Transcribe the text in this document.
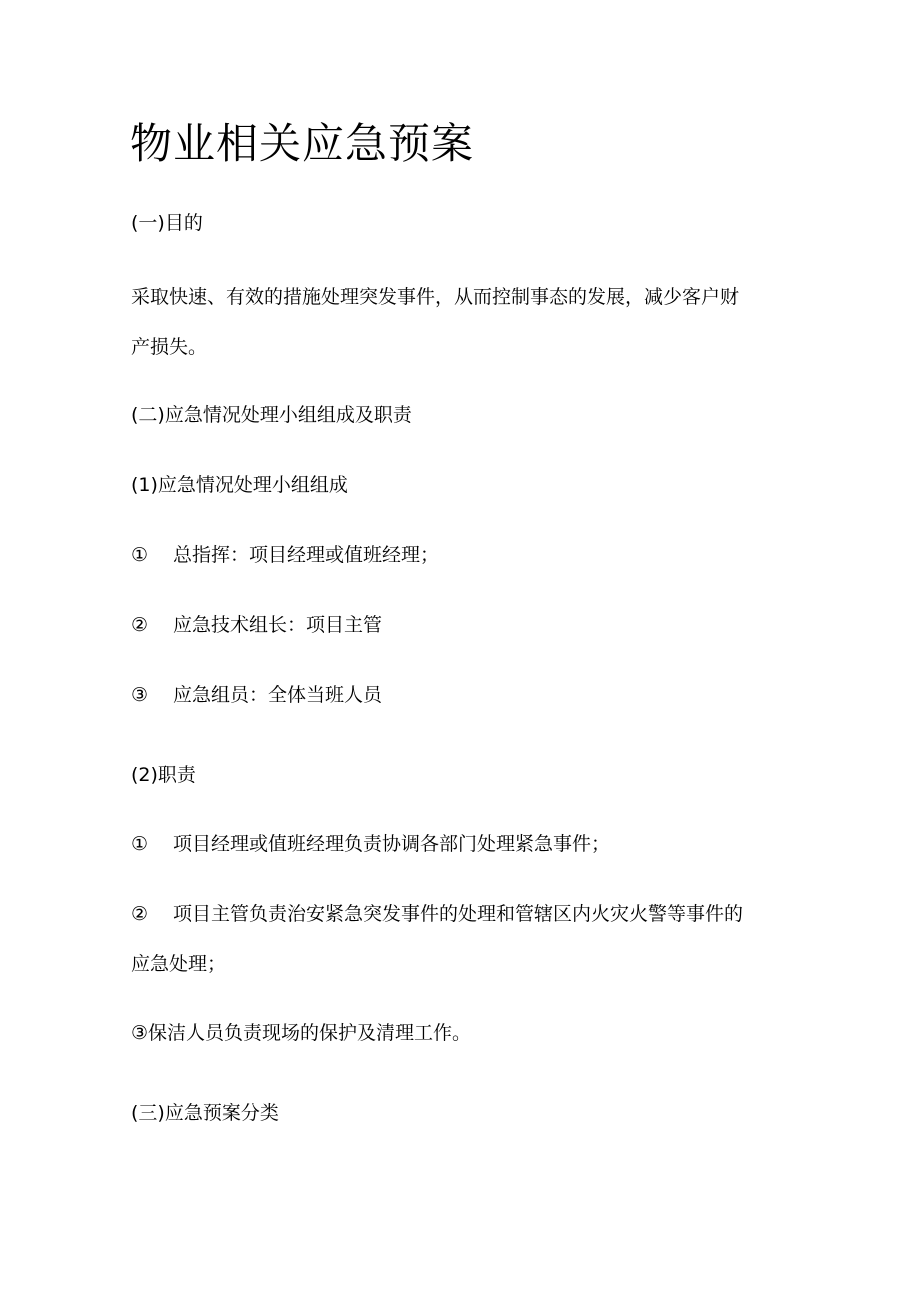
物业相关应急预案

(一)目的

采取快速、有效的措施处理突发事件，从而控制事态的发展，减少客户财

产损失。

(二)应急情况处理小组组成及职责

(1)应急情况处理小组组成

① 总指挥：项目经理或值班经理；

② 应急技术组长：项目主管

③ 应急组员：全体当班人员

(2)职责

① 项目经理或值班经理负责协调各部门处理紧急事件；

② 项目主管负责治安紧急突发事件的处理和管辖区内火灾火警等事件的

应急处理；

③保洁人员负责现场的保护及清理工作。

(三)应急预案分类
